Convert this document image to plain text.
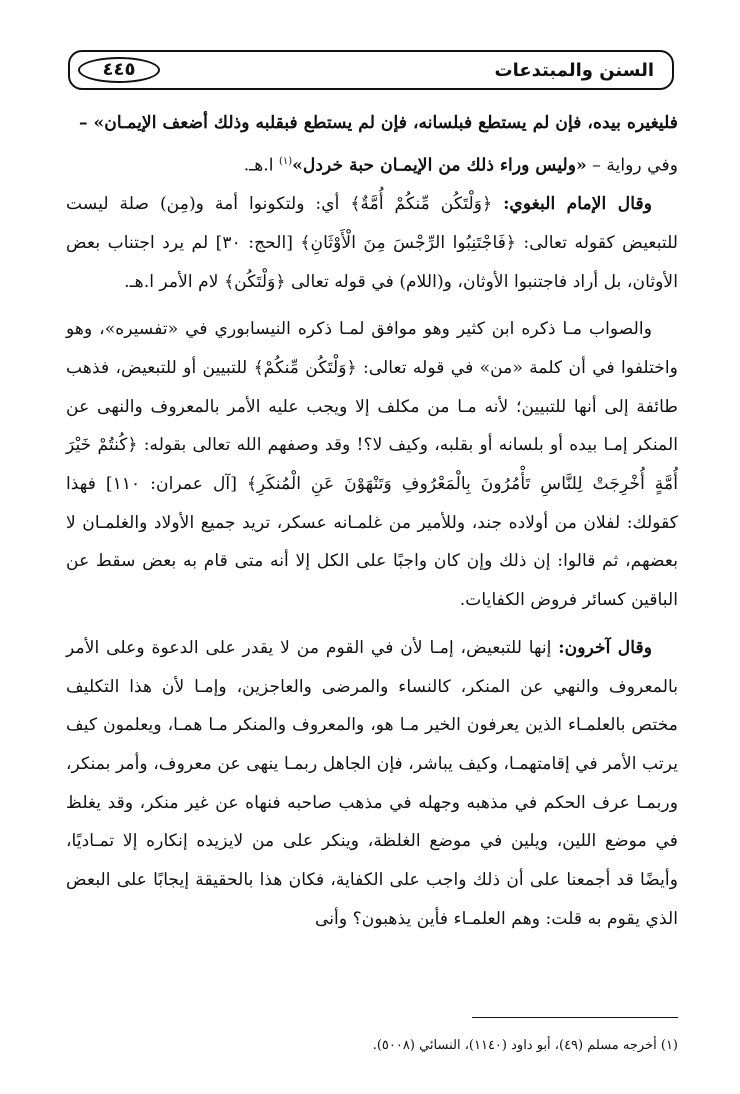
السنن والمبتدعات
٤٤٥

فليغيره بيده، فإن لم يستطع فبلسانه، فإن لم يستطع فبقلبه وذلك أضعف الإيمـان» –

وفي رواية – «وليس وراء ذلك من الإيمـان حبة خردل»$^{(١)}$ ا.هـ.

وقال الإمام البغوي: ﴿وَلْتَكُن مِّنكُمْ أُمَّةٌ﴾ أي: ولتكونوا أمة و(مِن) صلة ليست للتبعيض كقوله تعالى: ﴿فَاجْتَنِبُوا الرِّجْسَ مِنَ الْأَوْثَانِ﴾ [الحج: ٣٠] لم يرد اجتناب بعض الأوثان، بل أراد فاجتنبوا الأوثان، و(اللام) في قوله تعالى ﴿وَلْتَكُن﴾ لام الأمر ا.هـ.

والصواب مـا ذكره ابن كثير وهو موافق لمـا ذكره النيسابوري في «تفسيره»، وهو واختلفوا في أن كلمة «من» في قوله تعالى: ﴿وَلْتَكُن مِّنكُمْ﴾ للتبيين أو للتبعيض، فذهب طائفة إلى أنها للتبيين؛ لأنه مـا من مكلف إلا ويجب عليه الأمر بالمعروف والنهى عن المنكر إمـا بيده أو بلسانه أو بقلبه، وكيف لا؟! وقد وصفهم الله تعالى بقوله: ﴿كُنتُمْ خَيْرَ أُمَّةٍ أُخْرِجَتْ لِلنَّاسِ تَأْمُرُونَ بِالْمَعْرُوفِ وَتَنْهَوْنَ عَنِ الْمُنكَرِ﴾ [آل عمران: ١١٠] فهذا كقولك: لفلان من أولاده جند، وللأمير من غلمـانه عسكر، تريد جميع الأولاد والغلمـان لا بعضهم، ثم قالوا: إن ذلك وإن كان واجبًا على الكل إلا أنه متى قام به بعض سقط عن الباقين كسائر فروض الكفايات.

وقال آخرون: إنها للتبعيض، إمـا لأن في القوم من لا يقدر على الدعوة وعلى الأمر بالمعروف والنهي عن المنكر، كالنساء والمرضى والعاجزين، وإمـا لأن هذا التكليف مختص بالعلمـاء الذين يعرفون الخير مـا هو، والمعروف والمنكر مـا همـا، ويعلمون كيف يرتب الأمر في إقامتهمـا، وكيف يباشر، فإن الجاهل ربمـا ينهى عن معروف، وأمر بمنكر، وربمـا عرف الحكم في مذهبه وجهله في مذهب صاحبه فنهاه عن غير منكر، وقد يغلظ في موضع اللين، ويلين في موضع الغلظة، وينكر على من لايزيده إنكاره إلا تمـاديًا، وأيضًا قد أجمعنا على أن ذلك واجب على الكفاية، فكان هذا بالحقيقة إيجابًا على البعض الذي يقوم به قلت: وهم العلمـاء فأين يذهبون؟ وأنى

(١) أخرجه مسلم (٤٩)، أبو داود (١١٤٠)، النسائي (٥٠٠٨).
